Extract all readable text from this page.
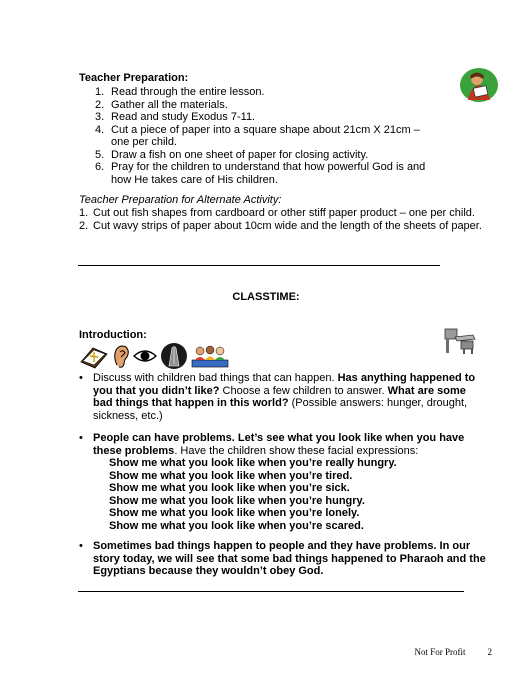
Teacher Preparation:
1. Read through the entire lesson.
2. Gather all the materials.
3. Read and study Exodus 7-11.
4. Cut a piece of paper into a square shape about 21cm X 21cm – one per child.
5. Draw a fish on one sheet of paper for closing activity.
6. Pray for the children to understand that how powerful God is and how He takes care of His children.
Teacher Preparation for Alternate Activity:
1. Cut out fish shapes from cardboard or other stiff paper product – one per child.
2. Cut wavy strips of paper about 10cm wide and the length of the sheets of paper.
CLASSTIME:
Introduction:
• Discuss with children bad things that can happen. Has anything happened to you that you didn’t like? Choose a few children to answer. What are some bad things that happen in this world? (Possible answers: hunger, drought, sickness, etc.)
• People can have problems. Let’s see what you look like when you have these problems. Have the children show these facial expressions:
Show me what you look like when you’re really hungry.
Show me what you look like when you’re tired.
Show me what you look like when you’re sick.
Show me what you look like when you’re hungry.
Show me what you look like when you’re lonely.
Show me what you look like when you’re scared.
• Sometimes bad things happen to people and they have problems. In our story today, we will see that some bad things happened to Pharaoh and the Egyptians because they wouldn’t obey God.
Not For Profit 2
